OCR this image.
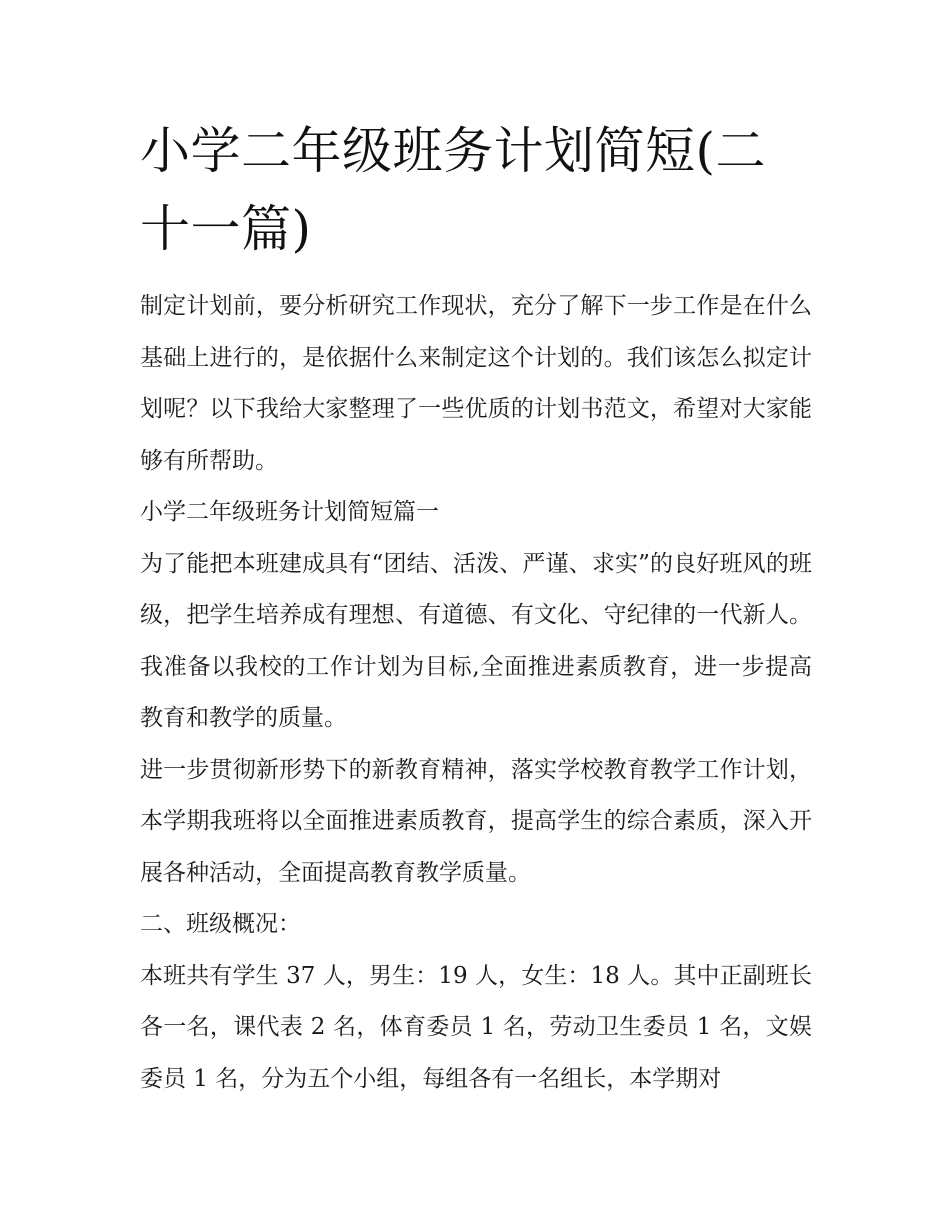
小学二年级班务计划简短(二十一篇)

制定计划前，要分析研究工作现状，充分了解下一步工作是在什么基础上进行的，是依据什么来制定这个计划的。我们该怎么拟定计划呢？以下我给大家整理了一些优质的计划书范文，希望对大家能够有所帮助。

小学二年级班务计划简短篇一

为了能把本班建成具有“团结、活泼、严谨、求实”的良好班风的班级，把学生培养成有理想、有道德、有文化、守纪律的一代新人。我准备以我校的工作计划为目标,全面推进素质教育，进一步提高教育和教学的质量。

进一步贯彻新形势下的新教育精神，落实学校教育教学工作计划，本学期我班将以全面推进素质教育，提高学生的综合素质，深入开展各种活动，全面提高教育教学质量。

二、班级概况：

本班共有学生 37 人，男生：19 人，女生：18 人。其中正副班长各一名，课代表 2 名，体育委员 1 名，劳动卫生委员 1 名，文娱委员 1 名，分为五个小组，每组各有一名组长，本学期对
